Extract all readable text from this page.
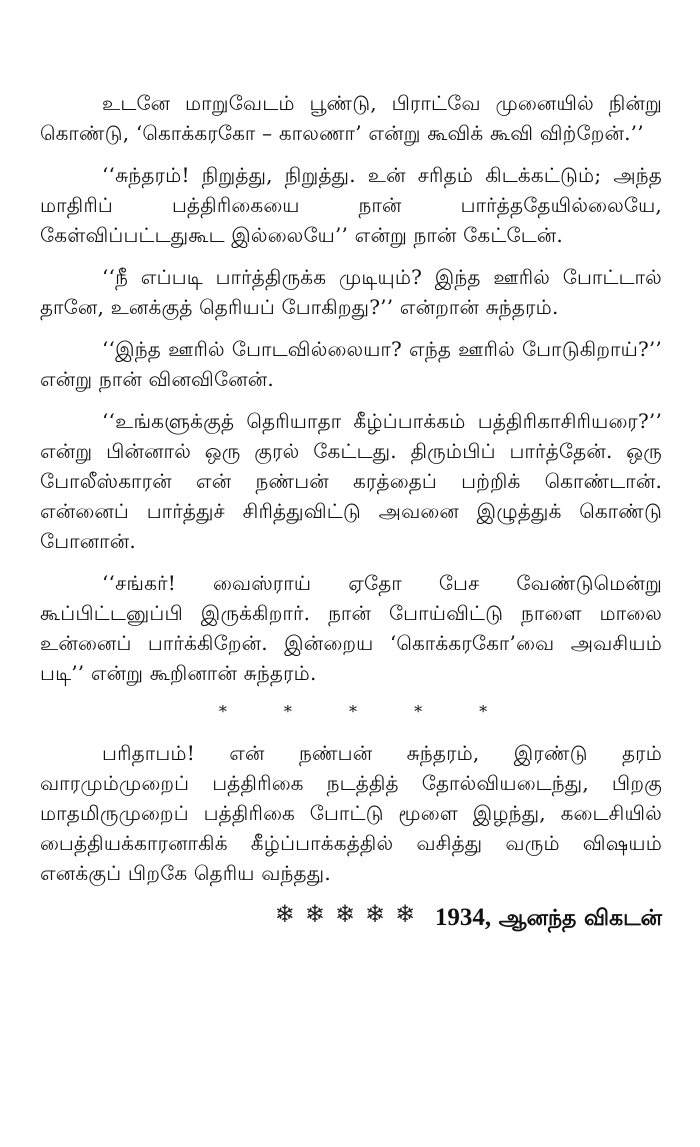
உடனே மாறுவேடம் பூண்டு, பிராட்வே முனையில் நின்று கொண்டு, ‘கொக்கரகோ – காலணா’ என்று கூவிக் கூவி விற்றேன்.’’

‘‘சுந்தரம்! நிறுத்து, நிறுத்து. உன் சரிதம் கிடக்கட்டும்; அந்த மாதிரிப் பத்திரிகையை நான் பார்த்ததேயில்லையே, கேள்விப்பட்டதுகூட இல்லையே’’ என்று நான் கேட்டேன்.

‘‘நீ எப்படி பார்த்திருக்க முடியும்? இந்த ஊரில் போட்டால் தானே, உனக்குத் தெரியப் போகிறது?’’ என்றான் சுந்தரம்.

‘‘இந்த ஊரில் போடவில்லையா? எந்த ஊரில் போடுகிறாய்?’’ என்று நான் வினவினேன்.

‘‘உங்களுக்குத் தெரியாதா கீழ்ப்பாக்கம் பத்திரிகாசிரியரை?’’ என்று பின்னால் ஒரு குரல் கேட்டது. திரும்பிப் பார்த்தேன். ஒரு போலீஸ்காரன் என் நண்பன் கரத்தைப் பற்றிக் கொண்டான். என்னைப் பார்த்துச் சிரித்துவிட்டு அவனை இழுத்துக் கொண்டு போனான்.

‘‘சங்கர்! வைஸ்ராய் ஏதோ பேச வேண்டுமென்று கூப்பிட்டனுப்பி இருக்கிறார். நான் போய்விட்டு நாளை மாலை உன்னைப் பார்க்கிறேன். இன்றைய ‘கொக்கரகோ’வை அவசியம் படி’’ என்று கூறினான் சுந்தரம்.

* * * * *

பரிதாபம்! என் நண்பன் சுந்தரம், இரண்டு தரம் வாரமும்முறைப் பத்திரிகை நடத்தித் தோல்வியடைந்து, பிறகு மாதமிருமுறைப் பத்திரிகை போட்டு மூளை இழந்து, கடைசியில் பைத்தியக்காரனாகிக் கீழ்ப்பாக்கத்தில் வசித்து வரும் விஷயம் எனக்குப் பிறகே தெரிய வந்தது.

1934, ஆனந்த விகடன்
❄❄❄❄❄
